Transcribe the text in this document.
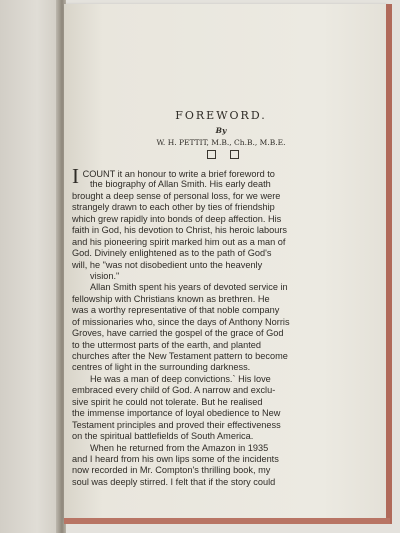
FOREWORD.
By
W. H. PETTIT, M.B., Ch.B., M.B.E.
I COUNT it an honour to write a brief foreword to
the biography of Allan Smith. His early death
brought a deep sense of personal loss, for we were
strangely drawn to each other by ties of friendship
which grew rapidly into bonds of deep affection. His
faith in God, his devotion to Christ, his heroic labours
and his pioneering spirit marked him out as a man of
God. Divinely enlightened as to the path of God's
will, he "was not disobedient unto the heavenly
vision."
Allan Smith spent his years of devoted service in
fellowship with Christians known as brethren. He
was a worthy representative of that noble company
of missionaries who, since the days of Anthony Norris
Groves, have carried the gospel of the grace of God
to the uttermost parts of the earth, and planted
churches after the New Testament pattern to become
centres of light in the surrounding darkness.
He was a man of deep convictions.` His love
embraced every child of God. A narrow and exclu-
sive spirit he could not tolerate. But he realised
the immense importance of loyal obedience to New
Testament principles and proved their effectiveness
on the spiritual battlefields of South America.
When he returned from the Amazon in 1935
and I heard from his own lips some of the incidents
now recorded in Mr. Compton's thrilling book, my
soul was deeply stirred. I felt that if the story could
